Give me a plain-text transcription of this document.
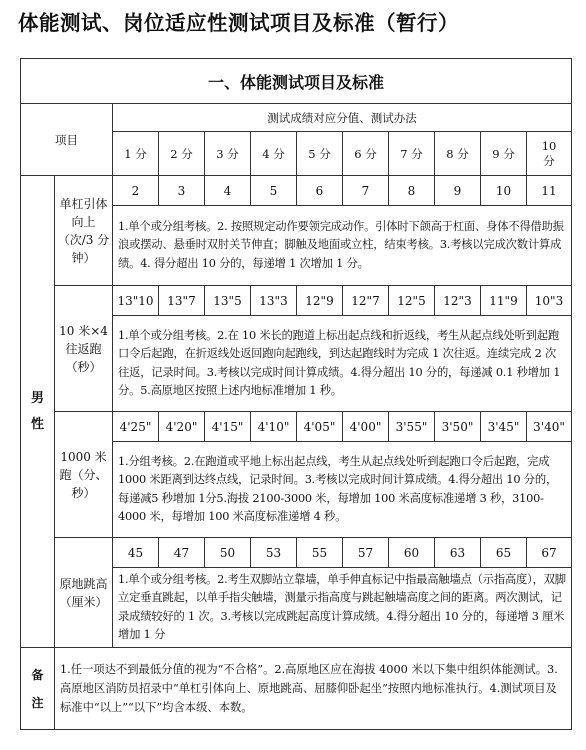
体能测试、岗位适应性测试项目及标准（暂行）
一、体能测试项目及标准											
项目		测试成绩对应分值、测试办法									
		1 分	2 分	3 分	4 分	5 分	6 分	7 分	8 分	9 分	10 分
男性	单杠引体向上（次/3 分钟）	2	3	4	5	6	7	8	9	10	11
		1.单个或分组考核。2. 按照规定动作要领完成动作。引体时下颌高于杠面、身体不得借助振浪或摆动、悬垂时双肘关节伸直；脚触及地面或立柱，结束考核。3.考核以完成次数计算成绩。4. 得分超出 10 分的，每递增 1 次增加 1 分。									
	10 米×4 往返跑（秒）	13"10	13"7	13"5	13"3	12"9	12"7	12"5	12"3	11"9	10"3
		1.单个或分组考核。2.在 10 米长的跑道上标出起点线和折返线，考生从起点线处听到起跑口令后起跑，在折返线处返回跑向起跑线，到达起跑线时为完成 1 次往返。连续完成 2 次往返，记录时间。3.考核以完成时间计算成绩。4.得分超出 10 分的，每递减 0.1 秒增加 1 分。5.高原地区按照上述内地标准增加 1 秒。									
	1000 米跑（分、秒）	4'25"	4'20"	4'15"	4'10"	4'05"	4'00"	3'55"	3'50"	3'45"	3'40"
		1.分组考核。2.在跑道或平地上标出起点线，考生从起点线处听到起跑口令后起跑，完成 1000 米距离到达终点线，记录时间。3.考核以完成时间计算成绩。4.得分超出 10 分的，每递减5 秒增加 1分5.海拔 2100-3000 米，每增加 100 米高度标准递增 3 秒，3100-4000 米，每增加 100 米高度标准递增 4 秒。									
	原地跳高（厘米）	45	47	50	53	55	57	60	63	65	67
		1.单个或分组考核。2.考生双脚站立靠墙，单手伸直标记中指最高触墙点（示指高度），双脚立定垂直跳起，以单手指尖触墙，测量示指高度与跳起触墙高度之间的距离。两次测试，记录成绩较好的 1 次。3.考核以完成跳起高度计算成绩。4.得分超出 10 分的，每递增 3 厘米增加 1 分									
备注	1.任一项达不到最低分值的视为“不合格”。2.高原地区应在海拔 4000 米以下集中组织体能测试。3.高原地区消防员招录中“单杠引体向上、原地跳高、屈膝仰卧起坐”按照内地标准执行。4.测试项目及标准中“以上”“以下”均含本级、本数。										
